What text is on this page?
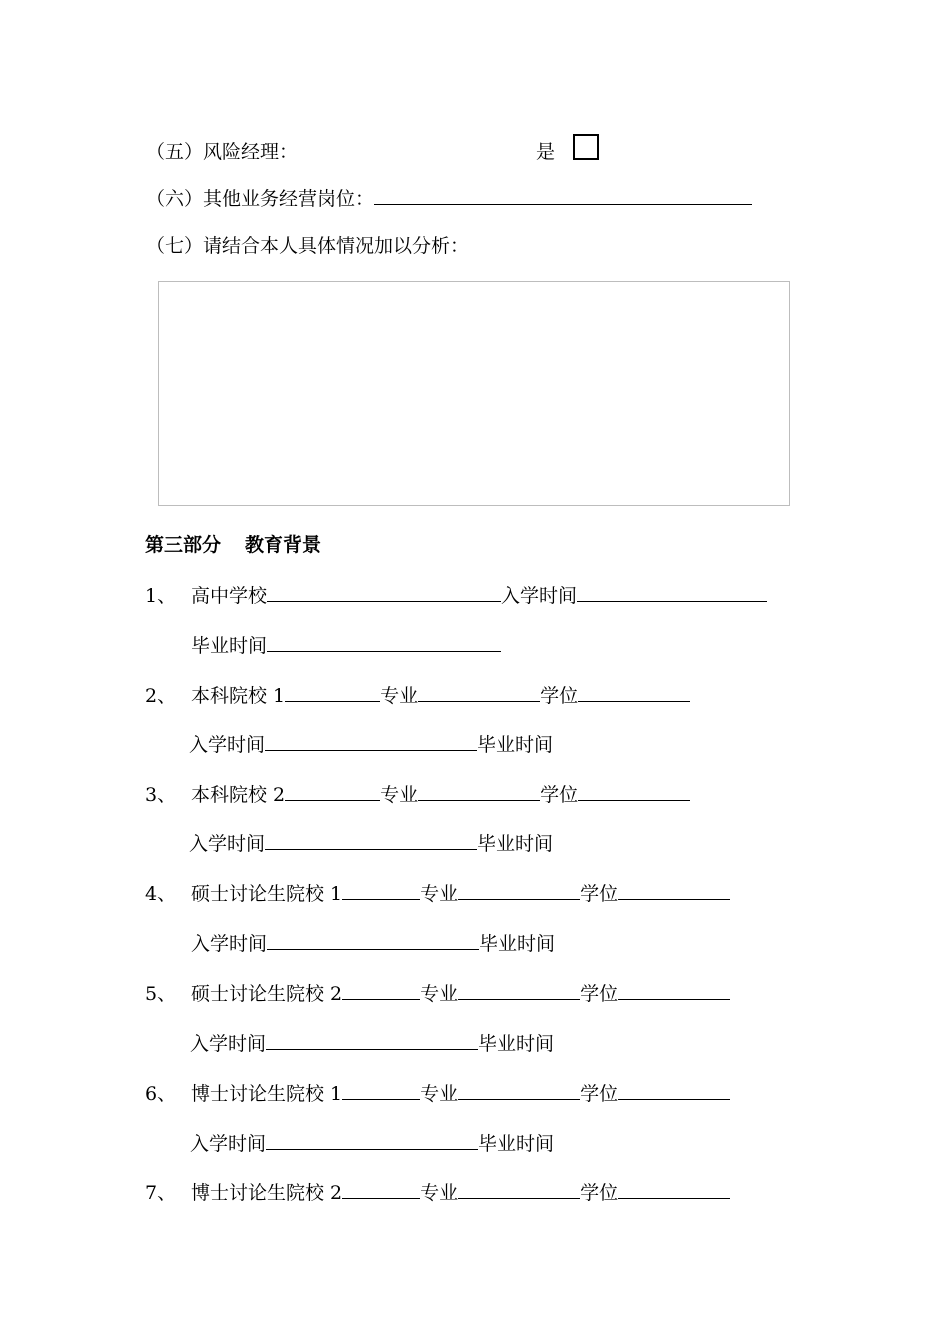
（五）风险经理：	是
（六）其他业务经营岗位：
（七）请结合本人具体情况加以分析：
第三部分 教育背景
1、 高中学校	入学时间
毕业时间
2、 本科院校 1	专业	学位
入学时间	毕业时间
3、 本科院校 2	专业	学位
入学时间	毕业时间
4、 硕士讨论生院校 1	专业	学位
入学时间	毕业时间
5、 硕士讨论生院校 2	专业	学位
入学时间	毕业时间
6、 博士讨论生院校 1	专业	学位
入学时间	毕业时间
7、 博士讨论生院校 2	专业	学位
